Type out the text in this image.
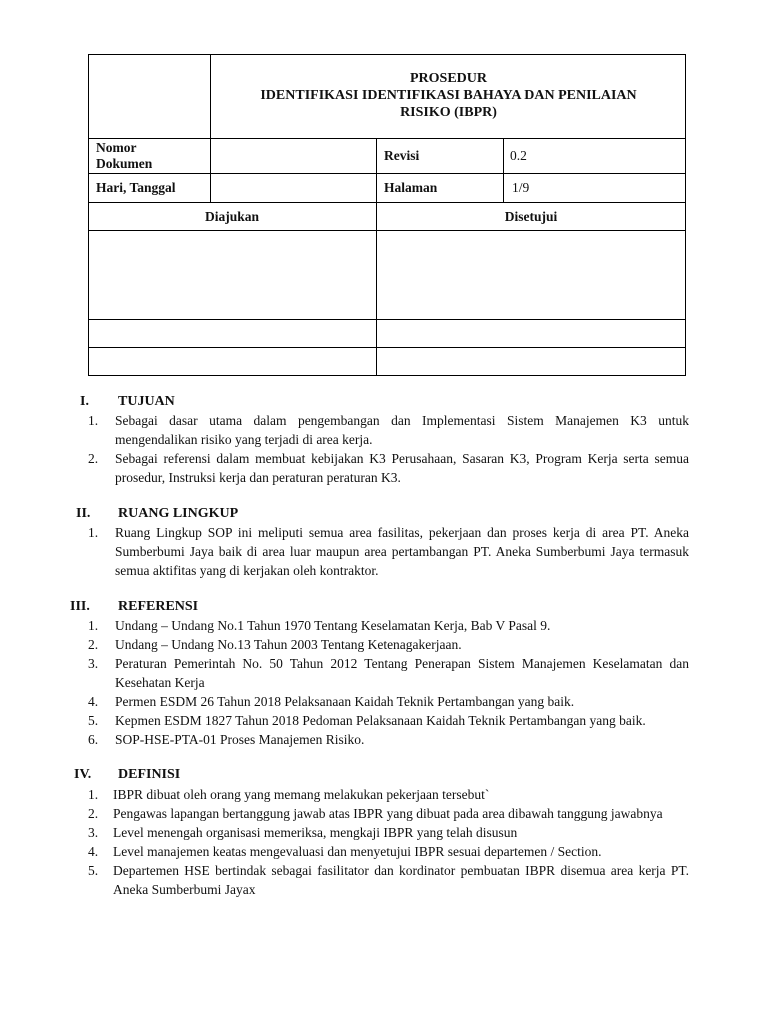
PROSEDUR
IDENTIFIKASI IDENTIFIKASI BAHAYA DAN PENILAIAN
RISIKO (IBPR)
Nomor
Dokumen
Revisi	0.2
Hari, Tanggal	Halaman	1/9
Diajukan	Disetujui
I. TUJUAN
1. Sebagai dasar utama dalam pengembangan dan Implementasi Sistem Manajemen K3 untuk
mengendalikan risiko yang terjadi di area kerja.
2. Sebagai referensi dalam membuat kebijakan K3 Perusahaan, Sasaran K3, Program Kerja serta semua
prosedur, Instruksi kerja dan peraturan peraturan K3.
II. RUANG LINGKUP
1. Ruang Lingkup SOP ini meliputi semua area fasilitas, pekerjaan dan proses kerja di area PT. Aneka
Sumberbumi Jaya baik di area luar maupun area pertambangan PT. Aneka Sumberbumi Jaya termasuk
semua aktifitas yang di kerjakan oleh kontraktor.
III. REFERENSI
1. Undang – Undang No.1 Tahun 1970 Tentang Keselamatan Kerja, Bab V Pasal 9.
2. Undang – Undang No.13 Tahun 2003 Tentang Ketenagakerjaan.
3. Peraturan Pemerintah No. 50 Tahun 2012 Tentang Penerapan Sistem Manajemen Keselamatan dan
Kesehatan Kerja
4. Permen ESDM 26 Tahun 2018 Pelaksanaan Kaidah Teknik Pertambangan yang baik.
5. Kepmen ESDM 1827 Tahun 2018 Pedoman Pelaksanaan Kaidah Teknik Pertambangan yang baik.
6. SOP-HSE-PTA-01 Proses Manajemen Risiko.
IV. DEFINISI
1. IBPR dibuat oleh orang yang memang melakukan pekerjaan tersebut`
2. Pengawas lapangan bertanggung jawab atas IBPR yang dibuat pada area dibawah tanggung jawabnya
3. Level menengah organisasi memeriksa, mengkaji IBPR yang telah disusun
4. Level manajemen keatas mengevaluasi dan menyetujui IBPR sesuai departemen / Section.
5. Departemen HSE bertindak sebagai fasilitator dan kordinator pembuatan IBPR disemua area kerja PT.
Aneka Sumberbumi Jayax
